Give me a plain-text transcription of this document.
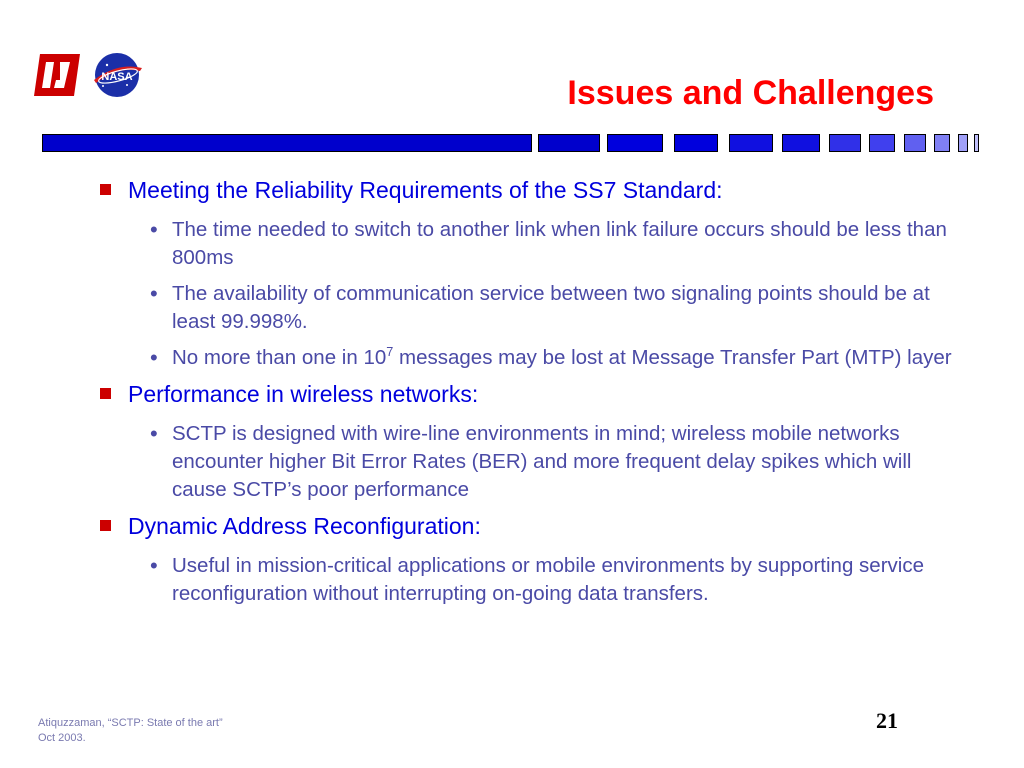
NASA	Issues and Challenges
Meeting the Reliability Requirements of the SS7 Standard:
• The time needed to switch to another link when link failure occurs should be less than 800ms
• The availability of communication service between two signaling points should be at least 99.998%.
• No more than one in $10^7$ messages may be lost at Message Transfer Part (MTP) layer
Performance in wireless networks:
• SCTP is designed with wire-line environments in mind; wireless mobile networks encounter higher Bit Error Rates (BER) and more frequent delay spikes which will cause SCTP’s poor performance
Dynamic Address Reconfiguration:
• Useful in mission-critical applications or mobile environments by supporting service reconfiguration without interrupting on-going data transfers.
Atiquzzaman, “SCTP: State of the art”
Oct 2003.
21
